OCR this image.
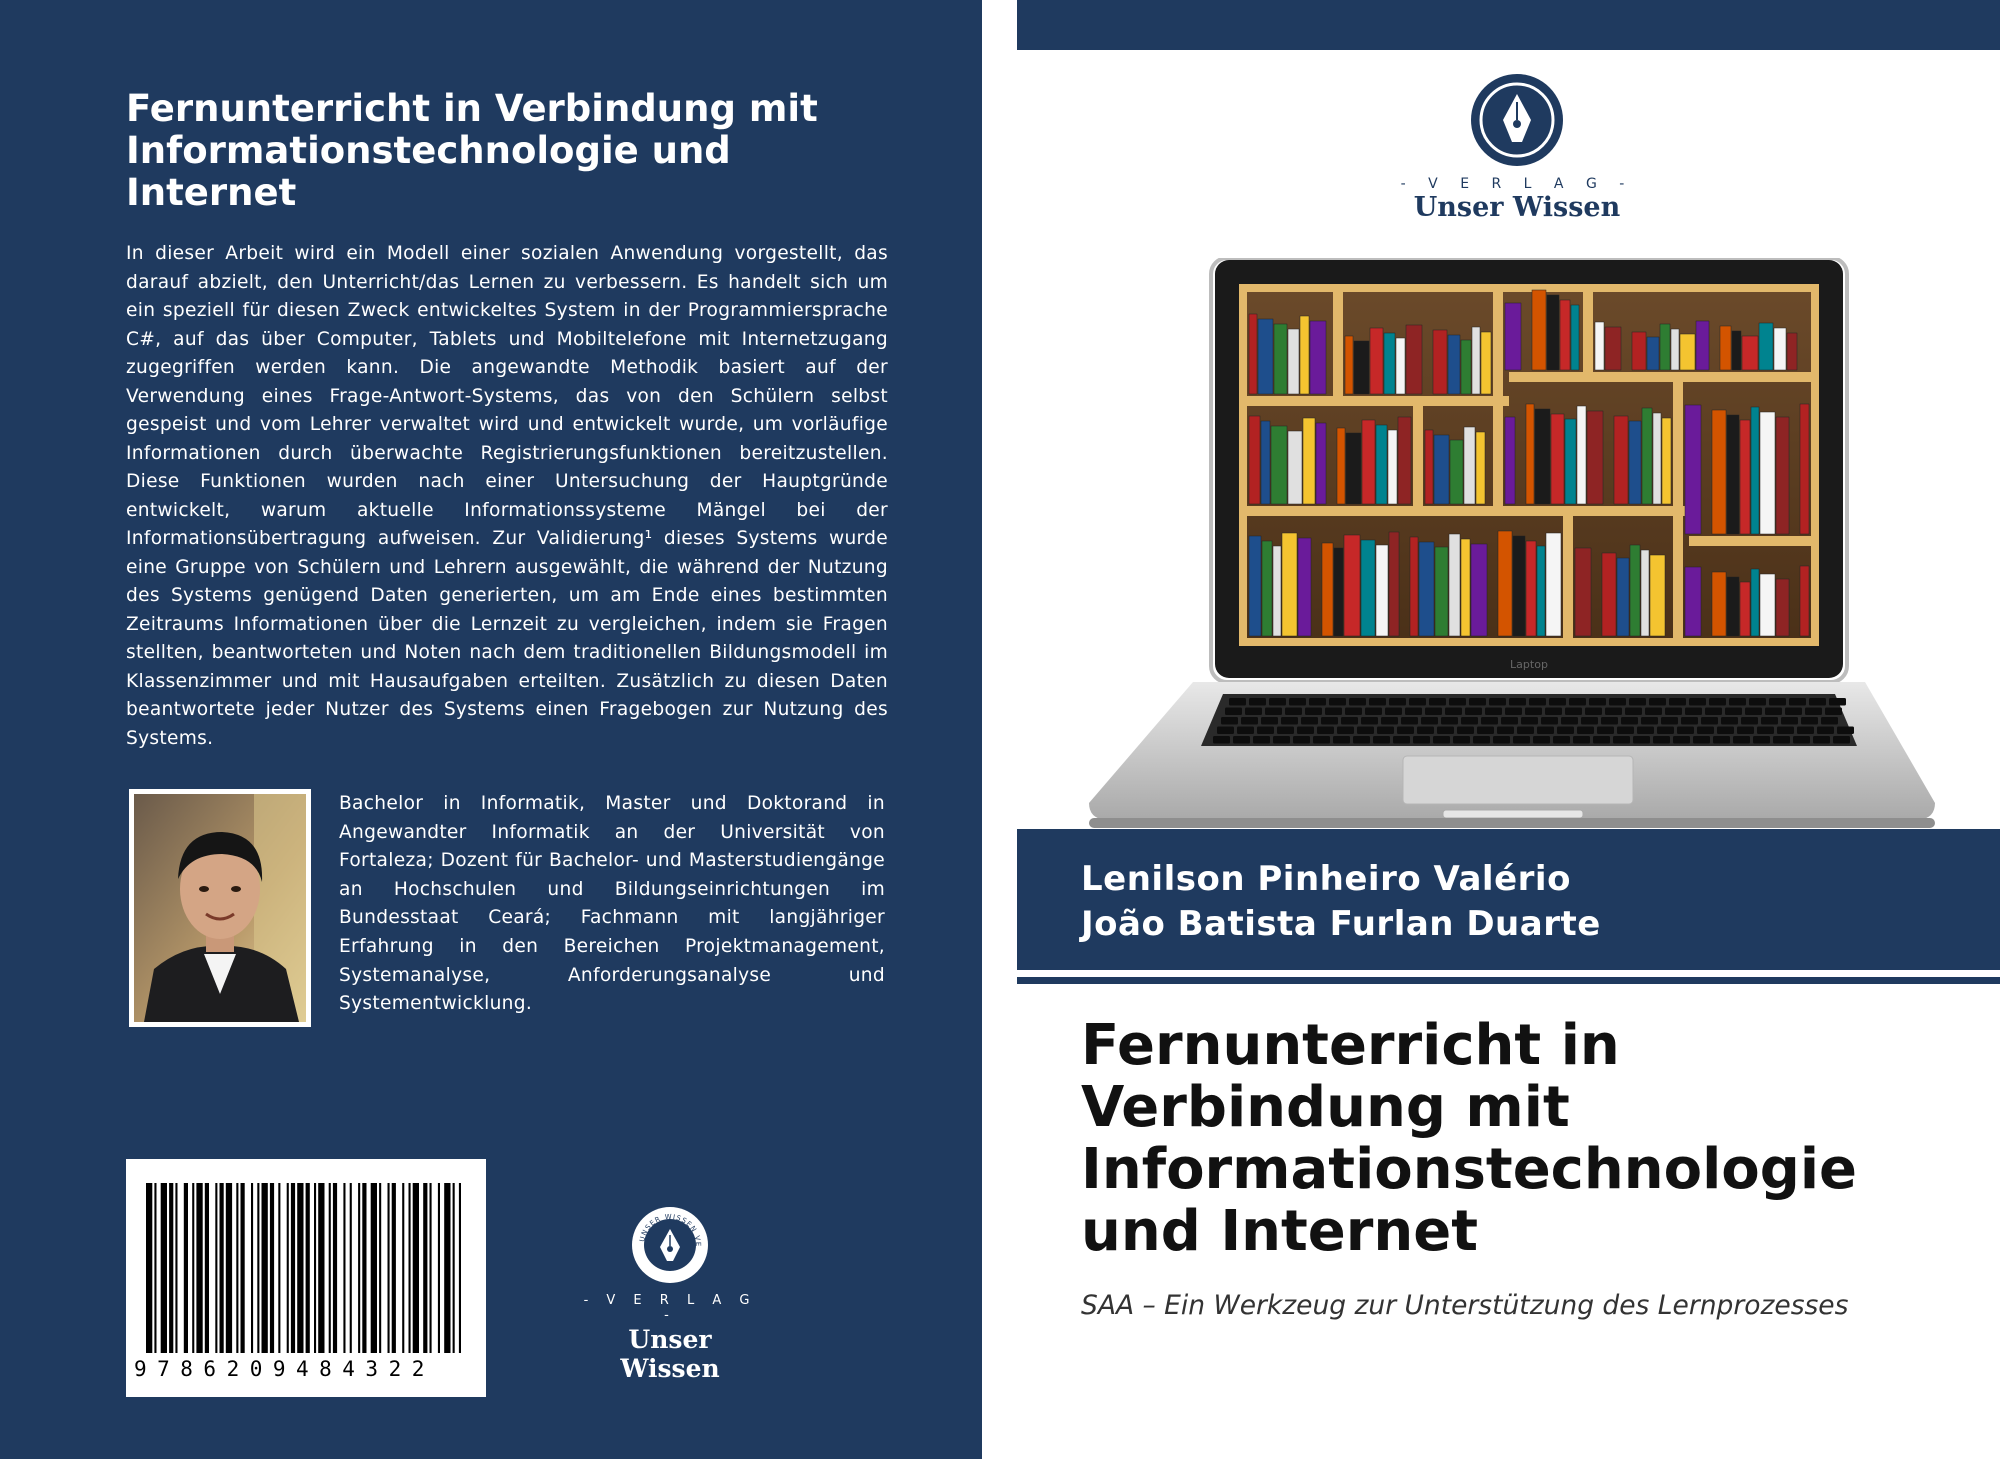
Fernunterricht in Verbindung mit Informationstechnologie und Internet
In dieser Arbeit wird ein Modell einer sozialen Anwendung vorgestellt, das darauf abzielt, den Unterricht/das Lernen zu verbessern. Es handelt sich um ein speziell für diesen Zweck entwickeltes System in der Programmiersprache C#, auf das über Computer, Tablets und Mobiltelefone mit Internetzugang zugegriffen werden kann. Die angewandte Methodik basiert auf der Verwendung eines Frage-Antwort-Systems, das von den Schülern selbst gespeist und vom Lehrer verwaltet wird und entwickelt wurde, um vorläufige Informationen durch überwachte Registrierungsfunktionen bereitzustellen. Diese Funktionen wurden nach einer Untersuchung der Hauptgründe entwickelt, warum aktuelle Informationssysteme Mängel bei der Informationsübertragung aufweisen. Zur Validierung¹ dieses Systems wurde eine Gruppe von Schülern und Lehrern ausgewählt, die während der Nutzung des Systems genügend Daten generierten, um am Ende eines bestimmten Zeitraums Informationen über die Lernzeit zu vergleichen, indem sie Fragen stellten, beantworteten und Noten nach dem traditionellen Bildungsmodell im Klassenzimmer und mit Hausaufgaben erteilten. Zusätzlich zu diesen Daten beantwortete jeder Nutzer des Systems einen Fragebogen zur Nutzung des Systems.
Bachelor in Informatik, Master und Doktorand in Angewandter Informatik an der Universität von Fortaleza; Dozent für Bachelor- und Masterstudiengänge an Hochschulen und Bildungseinrichtungen im Bundesstaat Ceará; Fachmann mit langjähriger Erfahrung in den Bereichen Projektmanagement, Systemanalyse, Anforderungsanalyse und Systementwicklung.
9786209484322
UNSER WISSEN VE
- V E R L A G -
Unser Wissen
- V E R L A G -
Unser Wissen
Laptop
Lenilson Pinheiro Valério
João Batista Furlan Duarte
Fernunterricht in Verbindung mit Informationstechnologie und Internet
SAA – Ein Werkzeug zur Unterstützung des Lernprozesses
